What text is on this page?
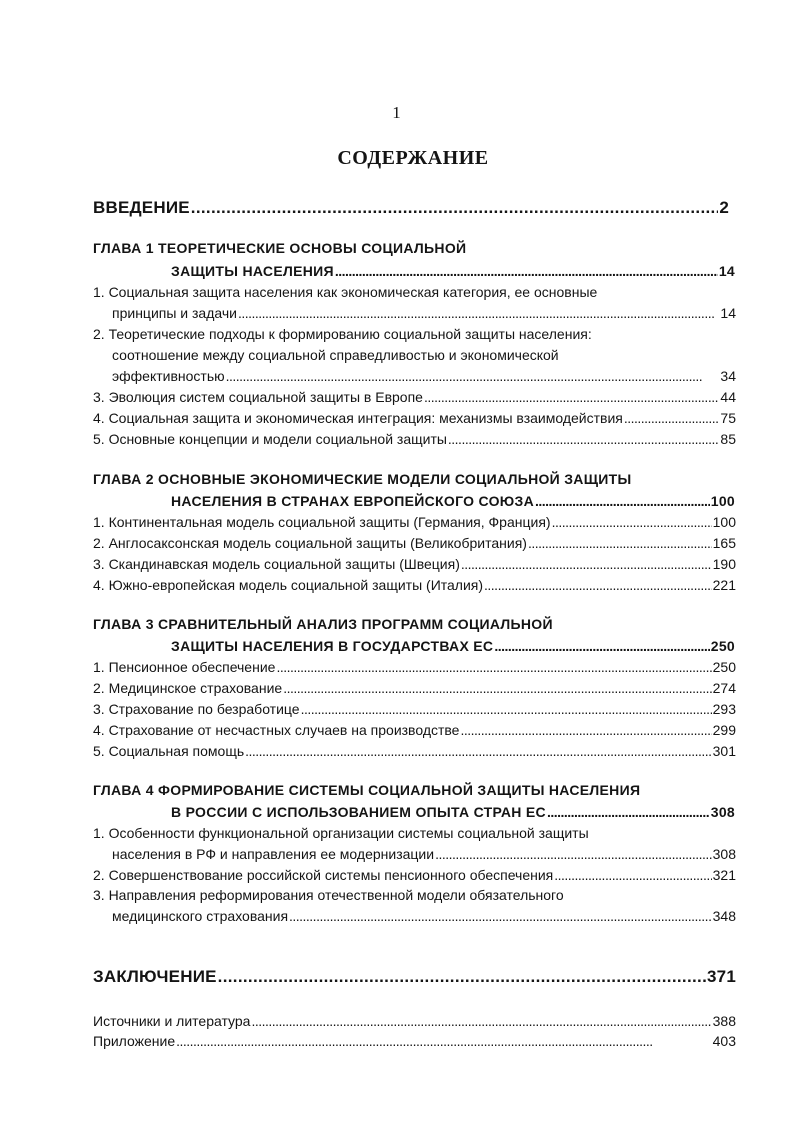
1
СОДЕРЖАНИЕ
ВВЕДЕНИЕ . . .	2
ГЛАВА 1 ТЕОРЕТИЧЕСКИЕ ОСНОВЫ СОЦИАЛЬНОЙ
ЗАЩИТЫ НАСЕЛЕНИЯ . . .	14
1. Социальная защита населения как экономическая категория, ее основные
принципы и задачи . . .	14
2. Теоретические подходы к формированию социальной защиты населения:
соотношение между социальной справедливостью и экономической
эффективностью . . .	34
3. Эволюция систем социальной защиты в Европе . . .	44
4. Социальная защита и экономическая интеграция: механизмы взаимодействия . . .	75
5. Основные концепции и модели социальной защиты . . .	85
ГЛАВА 2 ОСНОВНЫЕ ЭКОНОМИЧЕСКИЕ МОДЕЛИ СОЦИАЛЬНОЙ ЗАЩИТЫ
НАСЕЛЕНИЯ В СТРАНАХ ЕВРОПЕЙСКОГО СОЮЗА . . .	100
1. Континентальная модель социальной защиты (Германия, Франция) . . .	100
2. Англосаксонская модель социальной защиты (Великобритания) . . .	165
3. Скандинавская модель социальной защиты (Швеция) . . .	190
4. Южно-европейская модель социальной защиты (Италия) . . .	221
ГЛАВА 3 СРАВНИТЕЛЬНЫЙ АНАЛИЗ ПРОГРАММ СОЦИАЛЬНОЙ
ЗАЩИТЫ НАСЕЛЕНИЯ В ГОСУДАРСТВАХ ЕС . . .	250
1. Пенсионное обеспечение . . .	250
2. Медицинское страхование . . .	274
3. Страхование по безработице . . .	293
4. Страхование от несчастных случаев на производстве . . .	299
5. Социальная помощь . . .	301
ГЛАВА 4 ФОРМИРОВАНИЕ СИСТЕМЫ СОЦИАЛЬНОЙ ЗАЩИТЫ НАСЕЛЕНИЯ
В РОССИИ С ИСПОЛЬЗОВАНИЕМ ОПЫТА СТРАН ЕС . . .	308
1. Особенности функциональной организации системы социальной защиты
населения в РФ и направления ее модернизации . . .	308
2. Совершенствование российской системы пенсионного обеспечения . . .	321
3. Направления реформирования отечественной модели обязательного
медицинского страхования . . .	348
ЗАКЛЮЧЕНИЕ . . .	371
Источники и литература . . .	388
Приложение . . .	403
